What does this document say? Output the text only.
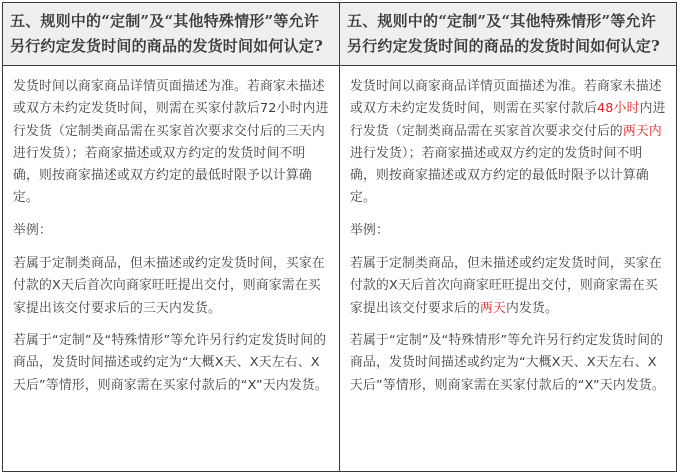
五、规则中的“定制”及“其他特殊情形”等允许另行约定发货时间的商品的发货时间如何认定?

发货时间以商家商品详情页面描述为准。若商家未描述或双方未约定发货时间，则需在买家付款后72小时内进行发货（定制类商品需在买家首次要求交付后的三天内进行发货）；若商家描述或双方约定的发货时间不明确，则按商家描述或双方约定的最低时限予以计算确定。

举例：

若属于定制类商品，但未描述或约定发货时间，买家在付款的X天后首次向商家旺旺提出交付，则商家需在买家提出该交付要求后的三天内发货。

若属于“定制”及“特殊情形”等允许另行约定发货时间的商品，发货时间描述或约定为“大概X天、X天左右、X天后”等情形，则商家需在买家付款后的“X”天内发货。

五、规则中的“定制”及“其他特殊情形”等允许另行约定发货时间的商品的发货时间如何认定?

发货时间以商家商品详情页面描述为准。若商家未描述或双方未约定发货时间，则需在买家付款后48小时内进行发货（定制类商品需在买家首次要求交付后的两天内进行发货）；若商家描述或双方约定的发货时间不明确，则按商家描述或双方约定的最低时限予以计算确定。

举例：

若属于定制类商品，但未描述或约定发货时间，买家在付款的X天后首次向商家旺旺提出交付，则商家需在买家提出该交付要求后的两天内发货。

若属于“定制”及“特殊情形”等允许另行约定发货时间的商品，发货时间描述或约定为“大概X天、X天左右、X天后”等情形，则商家需在买家付款后的“X”天内发货。
